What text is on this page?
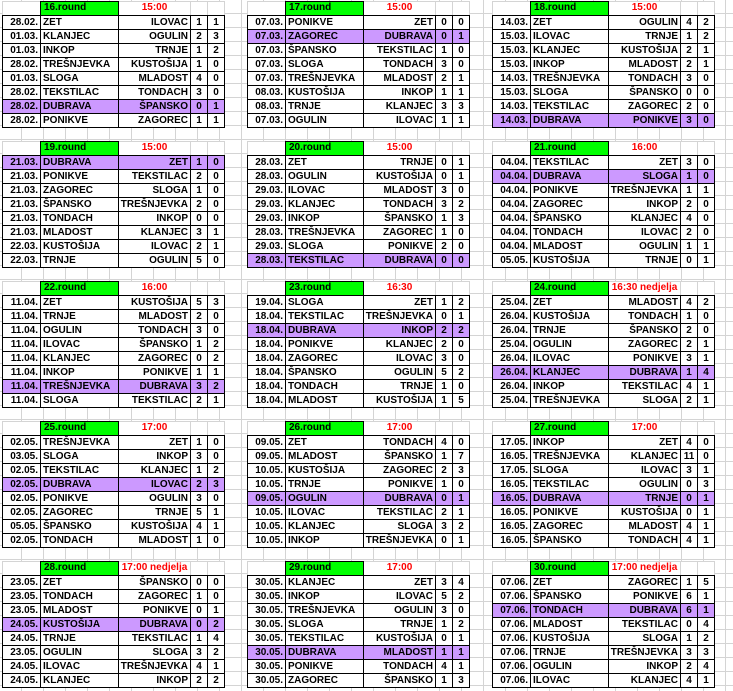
16.round	15:00
28.02. ZET	ILOVAC 1	1
01.03. KLANJEC	OGULIN 2	3
01.03. INKOP	TRNJE 1	2
28.02. TREŠNJEVKA	KUSTOŠIJA 1	0
01.03. SLOGA	MLADOST 4	0
28.02. TEKSTILAC	TONDACH 3	0
28.02. DUBRAVA	ŠPANSKO 0	1
28.02. PONIKVE	ZAGOREC 1	1
17.round	15:00
07.03. PONIKVE	ZET 0	0
07.03. ZAGOREC	DUBRAVA 0	1
07.03. ŠPANSKO	TEKSTILAC 1	0
07.03. SLOGA	TONDACH 3	0
07.03. TREŠNJEVKA	MLADOST 2	1
08.03. KUSTOŠIJA	INKOP 1	1
08.03. TRNJE	KLANJEC 3	3
07.03. OGULIN	ILOVAC 1	1
18.round	15:00
14.03. ZET	OGULIN 4	2
15.03. ILOVAC	TRNJE 1	2
15.03. KLANJEC	KUSTOŠIJA 2	1
15.03. INKOP	MLADOST 2	1
14.03. TREŠNJEVKA	TONDACH 3	0
15.03. SLOGA	ŠPANSKO 0	0
14.03. TEKSTILAC	ZAGOREC 2	0
14.03. DUBRAVA	PONIKVE 3	0
19.round	15:00
21.03. DUBRAVA	ZET 1	0
21.03. PONIKVE	TEKSTILAC 2	0
21.03. ZAGOREC	SLOGA 1	0
21.03. ŠPANSKO	TREŠNJEVKA 2	0
21.03. TONDACH	INKOP 0	0
21.03. MLADOST	KLANJEC 3	1
22.03. KUSTOŠIJA	ILOVAC 2	1
22.03. TRNJE	OGULIN 5	0
20.round	15:00
28.03. ZET	TRNJE 0	1
28.03. OGULIN	KUSTOŠIJA 0	1
29.03. ILOVAC	MLADOST 3	0
29.03. KLANJEC	TONDACH 3	2
29.03. INKOP	ŠPANSKO 1	3
28.03. TREŠNJEVKA	ZAGOREC 1	0
29.03. SLOGA	PONIKVE 2	0
28.03. TEKSTILAC	DUBRAVA 0	0
21.round	16:00
04.04. TEKSTILAC	ZET 3	0
04.04. DUBRAVA	SLOGA 1	0
04.04. PONIKVE	TREŠNJEVKA 1	1
04.04. ZAGOREC	INKOP 2	0
04.04. ŠPANSKO	KLANJEC 4	0
04.04. TONDACH	ILOVAC 2	0
04.04. MLADOST	OGULIN 1	1
05.05. KUSTOŠIJA	TRNJE 0	1
22.round	16:00
11.04. ZET	KUSTOŠIJA 5	3
11.04. TRNJE	MLADOST 2	0
11.04. OGULIN	TONDACH 3	0
11.04. ILOVAC	ŠPANSKO 1	2
11.04. KLANJEC	ZAGOREC 0	2
11.04. INKOP	PONIKVE 1	1
11.04. TREŠNJEVKA	DUBRAVA 3	2
11.04. SLOGA	TEKSTILAC 2	1
23.round	16:30
19.04. SLOGA	ZET 1	2
18.04. TEKSTILAC	TREŠNJEVKA 0	1
18.04. DUBRAVA	INKOP 2	2
18.04. PONIKVE	KLANJEC 2	0
18.04. ZAGOREC	ILOVAC 3	0
18.04. ŠPANSKO	OGULIN 5	2
18.04. TONDACH	TRNJE 1	0
18.04. MLADOST	KUSTOŠIJA 1	5
24.round	16:30 nedjelja
25.04. ZET	MLADOST 4	2
26.04. KUSTOŠIJA	TONDACH 1	0
26.04. TRNJE	ŠPANSKO 2	0
25.04. OGULIN	ZAGOREC 2	1
26.04. ILOVAC	PONIKVE 3	1
26.04. KLANJEC	DUBRAVA 1	4
26.04. INKOP	TEKSTILAC 4	1
25.04. TREŠNJEVKA	SLOGA 2	1
25.round	17:00
02.05. TREŠNJEVKA	ZET 1	0
03.05. SLOGA	INKOP 3	0
02.05. TEKSTILAC	KLANJEC 1	2
02.05. DUBRAVA	ILOVAC 2	3
02.05. PONIKVE	OGULIN 3	0
02.05. ZAGOREC	TRNJE 5	1
05.05. ŠPANSKO	KUSTOŠIJA 4	1
02.05. TONDACH	MLADOST 1	0
26.round	17:00
09.05. ZET	TONDACH 4	0
09.05. MLADOST	ŠPANSKO 1	7
10.05. KUSTOŠIJA	ZAGOREC 2	3
10.05. TRNJE	PONIKVE 1	0
09.05. OGULIN	DUBRAVA 0	1
10.05. ILOVAC	TEKSTILAC 2	1
10.05. KLANJEC	SLOGA 3	2
10.05. INKOP	TREŠNJEVKA 0	1
27.round	17:00
17.05. INKOP	ZET 4	0
16.05. TREŠNJEVKA	KLANJEC 11 0
17.05. SLOGA	ILOVAC 3	1
16.05. TEKSTILAC	OGULIN 0	3
16.05. DUBRAVA	TRNJE 0	1
16.05. PONIKVE	KUSTOŠIJA 0	1
16.05. ZAGOREC	MLADOST 4	1
16.05. ŠPANSKO	TONDACH 4	1
28.round	17:00 nedjelja
23.05. ZET	ŠPANSKO 0	0
23.05. TONDACH	ZAGOREC 1	0
23.05. MLADOST	PONIKVE 0	1
24.05. KUSTOŠIJA	DUBRAVA 0	2
24.05. TRNJE	TEKSTILAC 1	4
23.05. OGULIN	SLOGA 3	2
24.05. ILOVAC	TREŠNJEVKA 4	1
24.05. KLANJEC	INKOP 2	2
29.round	17:00
30.05. KLANJEC	ZET 3	4
30.05. INKOP	ILOVAC 5	2
30.05. TREŠNJEVKA	OGULIN 3	0
30.05. SLOGA	TRNJE 1	2
30.05. TEKSTILAC	KUSTOŠIJA 0	1
30.05. DUBRAVA	MLADOST 1	1
30.05. PONIKVE	TONDACH 4	1
30.05. ZAGOREC	ŠPANSKO 1	3
30.round	17:00 nedjelja
07.06. ZET	ZAGOREC 1	5
07.06. ŠPANSKO	PONIKVE 6	1
07.06. TONDACH	DUBRAVA 6	1
07.06. MLADOST	TEKSTILAC 0	4
07.06. KUSTOŠIJA	SLOGA 1	2
07.06. TRNJE	TREŠNJEVKA 3	3
07.06. OGULIN	INKOP 2	4
07.06. ILOVAC	KLANJEC 4	1
